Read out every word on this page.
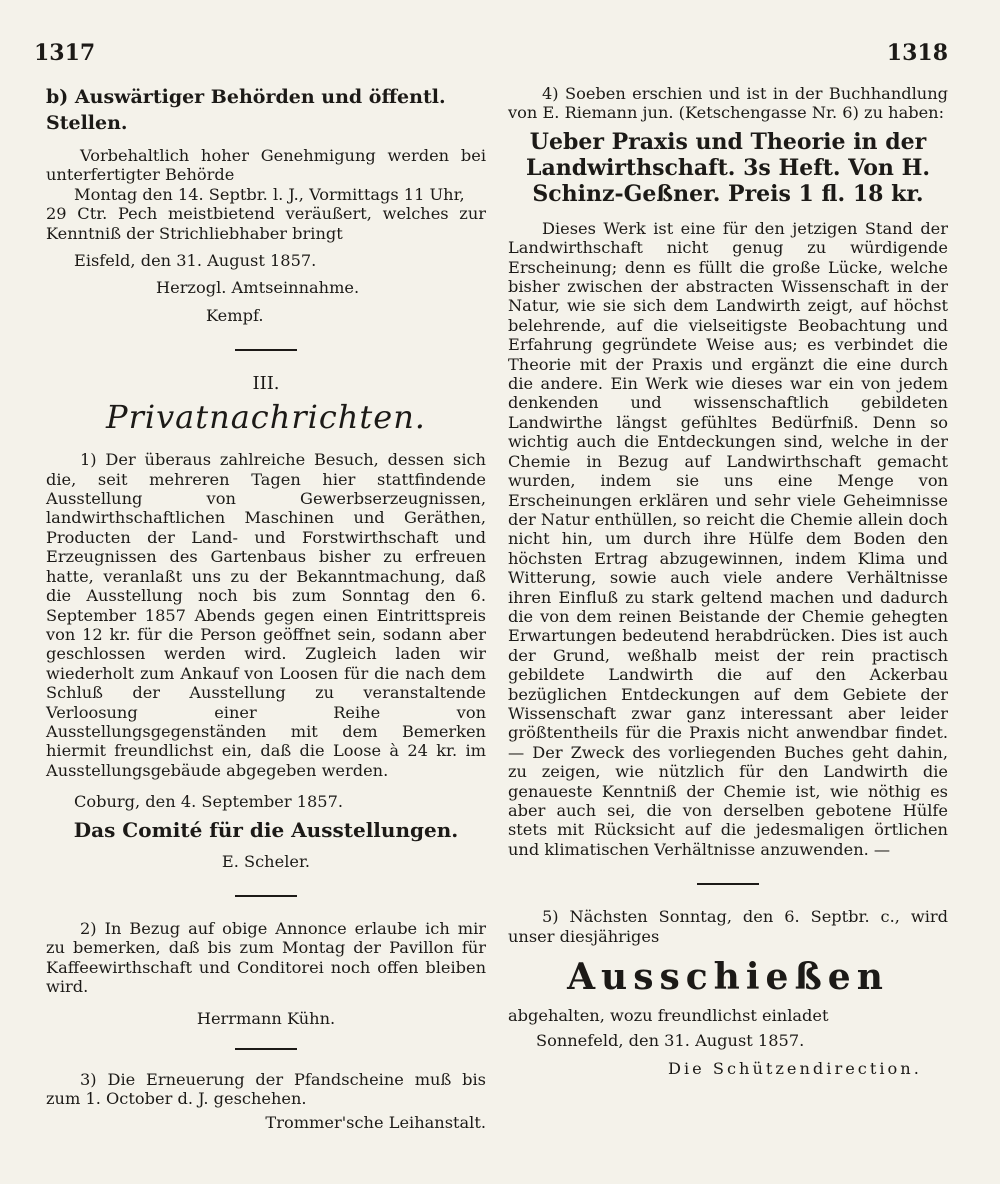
1317	1318
b) Auswärtiger Behörden und öffentl. Stellen.
Vorbehaltlich hoher Genehmigung werden bei unterfertigter Behörde
Montag den 14. Septbr. l. J., Vormittags 11 Uhr,
29 Ctr. Pech meistbietend veräußert, welches zur Kenntniß der Strichliebhaber bringt
Eisfeld, den 31. August 1857.
Herzogl. Amtseinnahme.
Kempf.
III.
Privatnachrichten.
1) Der überaus zahlreiche Besuch, dessen sich die, seit mehreren Tagen hier stattfindende Ausstellung von Gewerbserzeugnissen, landwirthschaftlichen Maschinen und Geräthen, Producten der Land- und Forstwirthschaft und Erzeugnissen des Gartenbaus bisher zu erfreuen hatte, veranlaßt uns zu der Bekanntmachung, daß die Ausstellung noch bis zum Sonntag den 6. September 1857 Abends gegen einen Eintrittspreis von 12 kr. für die Person geöffnet sein, sodann aber geschlossen werden wird. Zugleich laden wir wiederholt zum Ankauf von Loosen für die nach dem Schluß der Ausstellung zu veranstaltende Verloosung einer Reihe von Ausstellungsgegenständen mit dem Bemerken hiermit freundlichst ein, daß die Loose à 24 kr. im Ausstellungsgebäude abgegeben werden.
Coburg, den 4. September 1857.
Das Comité für die Ausstellungen.
E. Scheler.
2) In Bezug auf obige Annonce erlaube ich mir zu bemerken, daß bis zum Montag der Pavillon für Kaffeewirthschaft und Conditorei noch offen bleiben wird.
Herrmann Kühn.
3) Die Erneuerung der Pfandscheine muß bis zum 1. October d. J. geschehen.
Trommer'sche Leihanstalt.
4) Soeben erschien und ist in der Buchhandlung von E. Riemann jun. (Ketschengasse Nr. 6) zu haben:
Ueber Praxis und Theorie in der Landwirthschaft. 3s Heft. Von H. Schinz-Geßner. Preis 1 fl. 18 kr.
Dieses Werk ist eine für den jetzigen Stand der Landwirthschaft nicht genug zu würdigende Erscheinung; denn es füllt die große Lücke, welche bisher zwischen der abstracten Wissenschaft in der Natur, wie sie sich dem Landwirth zeigt, auf höchst belehrende, auf die vielseitigste Beobachtung und Erfahrung gegründete Weise aus; es verbindet die Theorie mit der Praxis und ergänzt die eine durch die andere. Ein Werk wie dieses war ein von jedem denkenden und wissenschaftlich gebildeten Landwirthe längst gefühltes Bedürfniß. Denn so wichtig auch die Entdeckungen sind, welche in der Chemie in Bezug auf Landwirthschaft gemacht wurden, indem sie uns eine Menge von Erscheinungen erklären und sehr viele Geheimnisse der Natur enthüllen, so reicht die Chemie allein doch nicht hin, um durch ihre Hülfe dem Boden den höchsten Ertrag abzugewinnen, indem Klima und Witterung, sowie auch viele andere Verhältnisse ihren Einfluß zu stark geltend machen und dadurch die von dem reinen Beistande der Chemie gehegten Erwartungen bedeutend herabdrücken. Dies ist auch der Grund, weßhalb meist der rein practisch gebildete Landwirth die auf den Ackerbau bezüglichen Entdeckungen auf dem Gebiete der Wissenschaft zwar ganz interessant aber leider größtentheils für die Praxis nicht anwendbar findet. — Der Zweck des vorliegenden Buches geht dahin, zu zeigen, wie nützlich für den Landwirth die genaueste Kenntniß der Chemie ist, wie nöthig es aber auch sei, die von derselben gebotene Hülfe stets mit Rücksicht auf die jedesmaligen örtlichen und klimatischen Verhältnisse anzuwenden. —
5) Nächsten Sonntag, den 6. Septbr. c., wird unser diesjähriges
Ausschießen
abgehalten, wozu freundlichst einladet
Sonnefeld, den 31. August 1857.
Die Schützendirection.
